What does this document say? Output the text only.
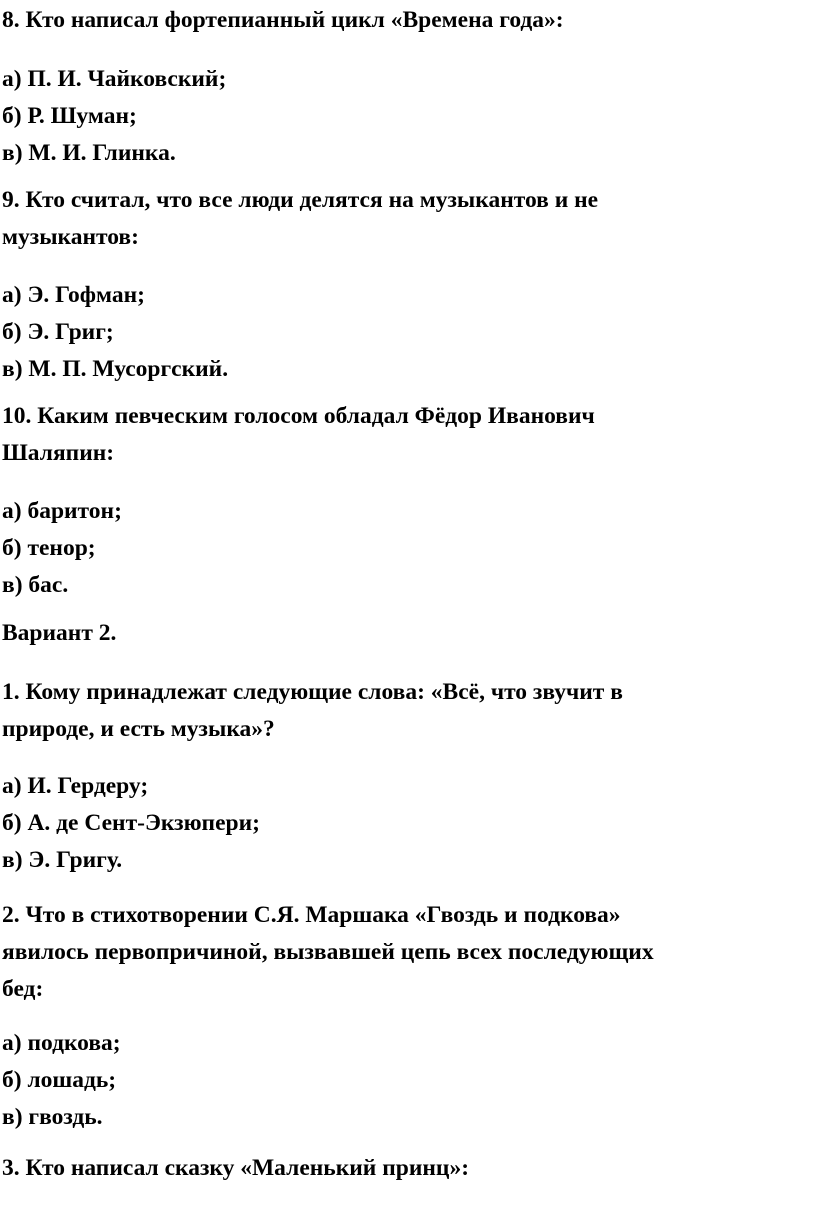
8. Кто написал фортепианный цикл «Времена года»:
а) П. И. Чайковский;
б) Р. Шуман;
в) М. И. Глинка.
9. Кто считал, что все люди делятся на музыкантов и не
музыкантов:
а) Э. Гофман;
б) Э. Григ;
в) М. П. Мусоргский.
10. Каким певческим голосом обладал Фёдор Иванович
Шаляпин:
а) баритон;
б) тенор;
в) бас.
Вариант 2.
1. Кому принадлежат следующие слова: «Всё, что звучит в
природе, и есть музыка»?
а) И. Гердеру;
б) А. де Сент-Экзюпери;
в) Э. Григу.
2. Что в стихотворении С.Я. Маршака «Гвоздь и подкова»
явилось первопричиной, вызвавшей цепь всех последующих
бед:
а) подкова;
б) лошадь;
в) гвоздь.
3. Кто написал сказку «Маленький принц»:
